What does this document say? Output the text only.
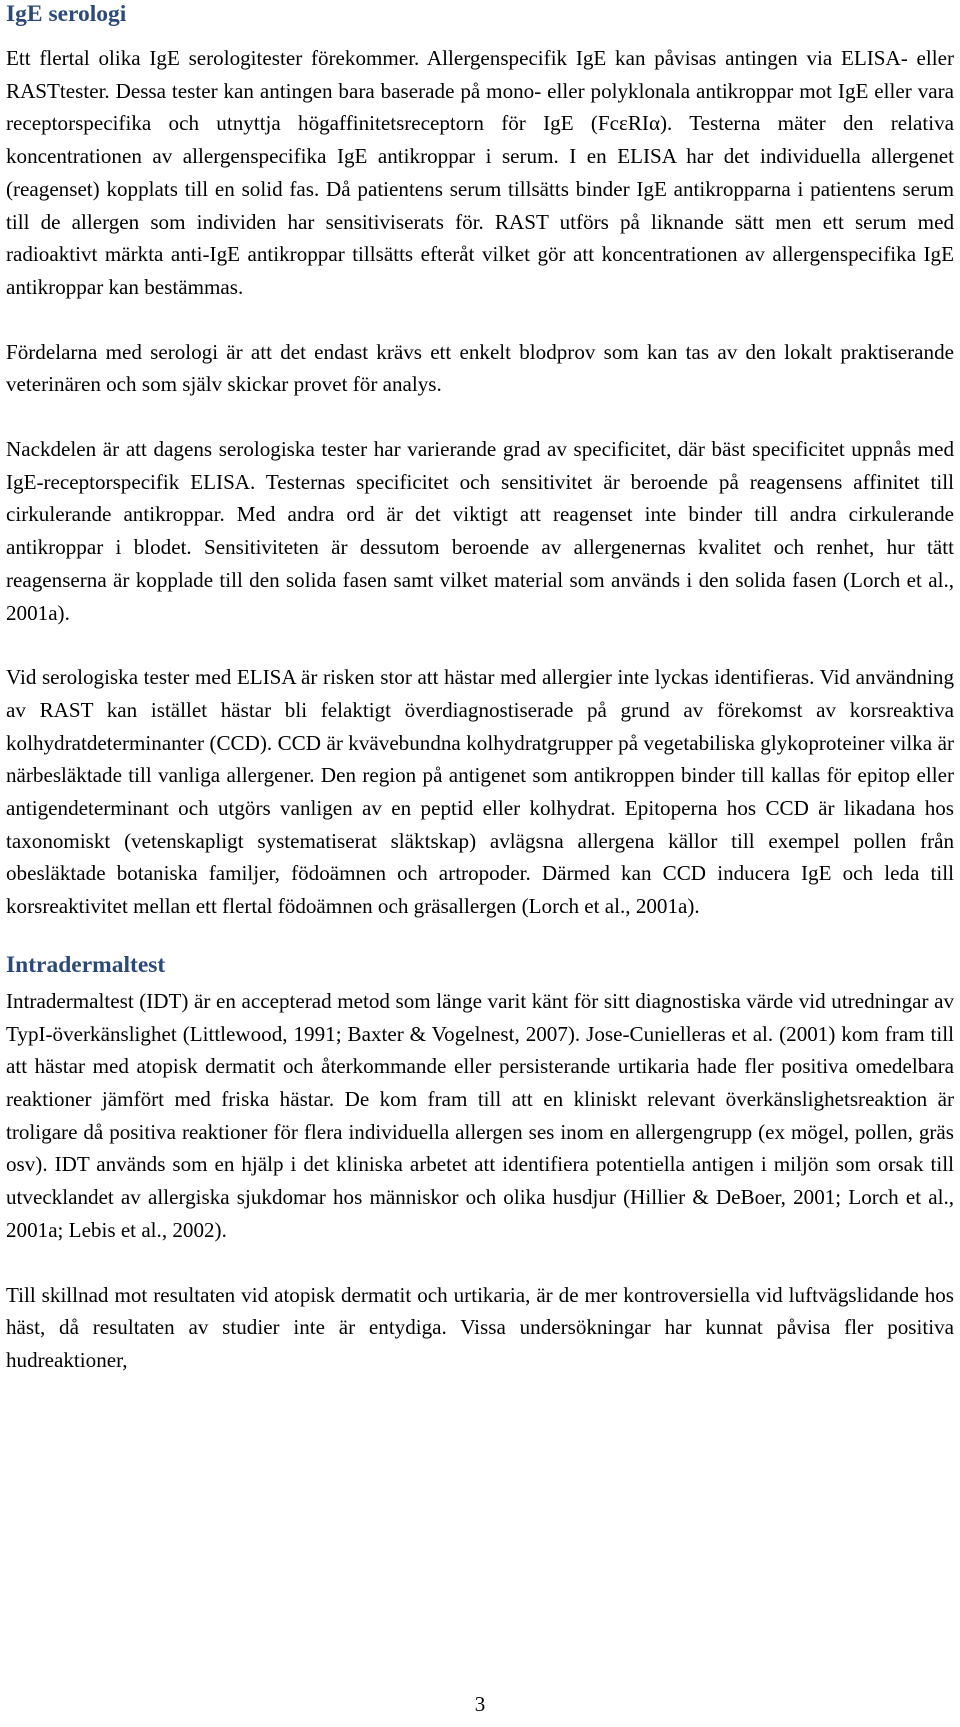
IgE serologi

Ett flertal olika IgE serologitester förekommer. Allergenspecifik IgE kan påvisas antingen via ELISA- eller RASTtester. Dessa tester kan antingen bara baserade på mono- eller polyklonala antikroppar mot IgE eller vara receptorspecifika och utnyttja högaffinitetsreceptorn för IgE (FcεRIα). Testerna mäter den relativa koncentrationen av allergenspecifika IgE antikroppar i serum. I en ELISA har det individuella allergenet (reagenset) kopplats till en solid fas. Då patientens serum tillsätts binder IgE antikropparna i patientens serum till de allergen som individen har sensitiviserats för. RAST utförs på liknande sätt men ett serum med radioaktivt märkta anti-IgE antikroppar tillsätts efteråt vilket gör att koncentrationen av allergenspecifika IgE antikroppar kan bestämmas.

Fördelarna med serologi är att det endast krävs ett enkelt blodprov som kan tas av den lokalt praktiserande veterinären och som själv skickar provet för analys.

Nackdelen är att dagens serologiska tester har varierande grad av specificitet, där bäst specificitet uppnås med IgE-receptorspecifik ELISA. Testernas specificitet och sensitivitet är beroende på reagensens affinitet till cirkulerande antikroppar. Med andra ord är det viktigt att reagenset inte binder till andra cirkulerande antikroppar i blodet. Sensitiviteten är dessutom beroende av allergenernas kvalitet och renhet, hur tätt reagenserna är kopplade till den solida fasen samt vilket material som används i den solida fasen (Lorch et al., 2001a).

Vid serologiska tester med ELISA är risken stor att hästar med allergier inte lyckas identifieras. Vid användning av RAST kan istället hästar bli felaktigt överdiagnostiserade på grund av förekomst av korsreaktiva kolhydratdeterminanter (CCD). CCD är kvävebundna kolhydratgrupper på vegetabiliska glykoproteiner vilka är närbesläktade till vanliga allergener. Den region på antigenet som antikroppen binder till kallas för epitop eller antigendeterminant och utgörs vanligen av en peptid eller kolhydrat. Epitoperna hos CCD är likadana hos taxonomiskt (vetenskapligt systematiserat släktskap) avlägsna allergena källor till exempel pollen från obesläktade botaniska familjer, födoämnen och artropoder. Därmed kan CCD inducera IgE och leda till korsreaktivitet mellan ett flertal födoämnen och gräsallergen (Lorch et al., 2001a).

Intradermaltest

Intradermaltest (IDT) är en accepterad metod som länge varit känt för sitt diagnostiska värde vid utredningar av TypI-överkänslighet (Littlewood, 1991; Baxter & Vogelnest, 2007). Jose-Cunielleras et al. (2001) kom fram till att hästar med atopisk dermatit och återkommande eller persisterande urtikaria hade fler positiva omedelbara reaktioner jämfört med friska hästar. De kom fram till att en kliniskt relevant överkänslighetsreaktion är troligare då positiva reaktioner för flera individuella allergen ses inom en allergengrupp (ex mögel, pollen, gräs osv). IDT används som en hjälp i det kliniska arbetet att identifiera potentiella antigen i miljön som orsak till utvecklandet av allergiska sjukdomar hos människor och olika husdjur (Hillier & DeBoer, 2001; Lorch et al., 2001a; Lebis et al., 2002).

Till skillnad mot resultaten vid atopisk dermatit och urtikaria, är de mer kontroversiella vid luftvägslidande hos häst, då resultaten av studier inte är entydiga. Vissa undersökningar har kunnat påvisa fler positiva hudreaktioner,

3
